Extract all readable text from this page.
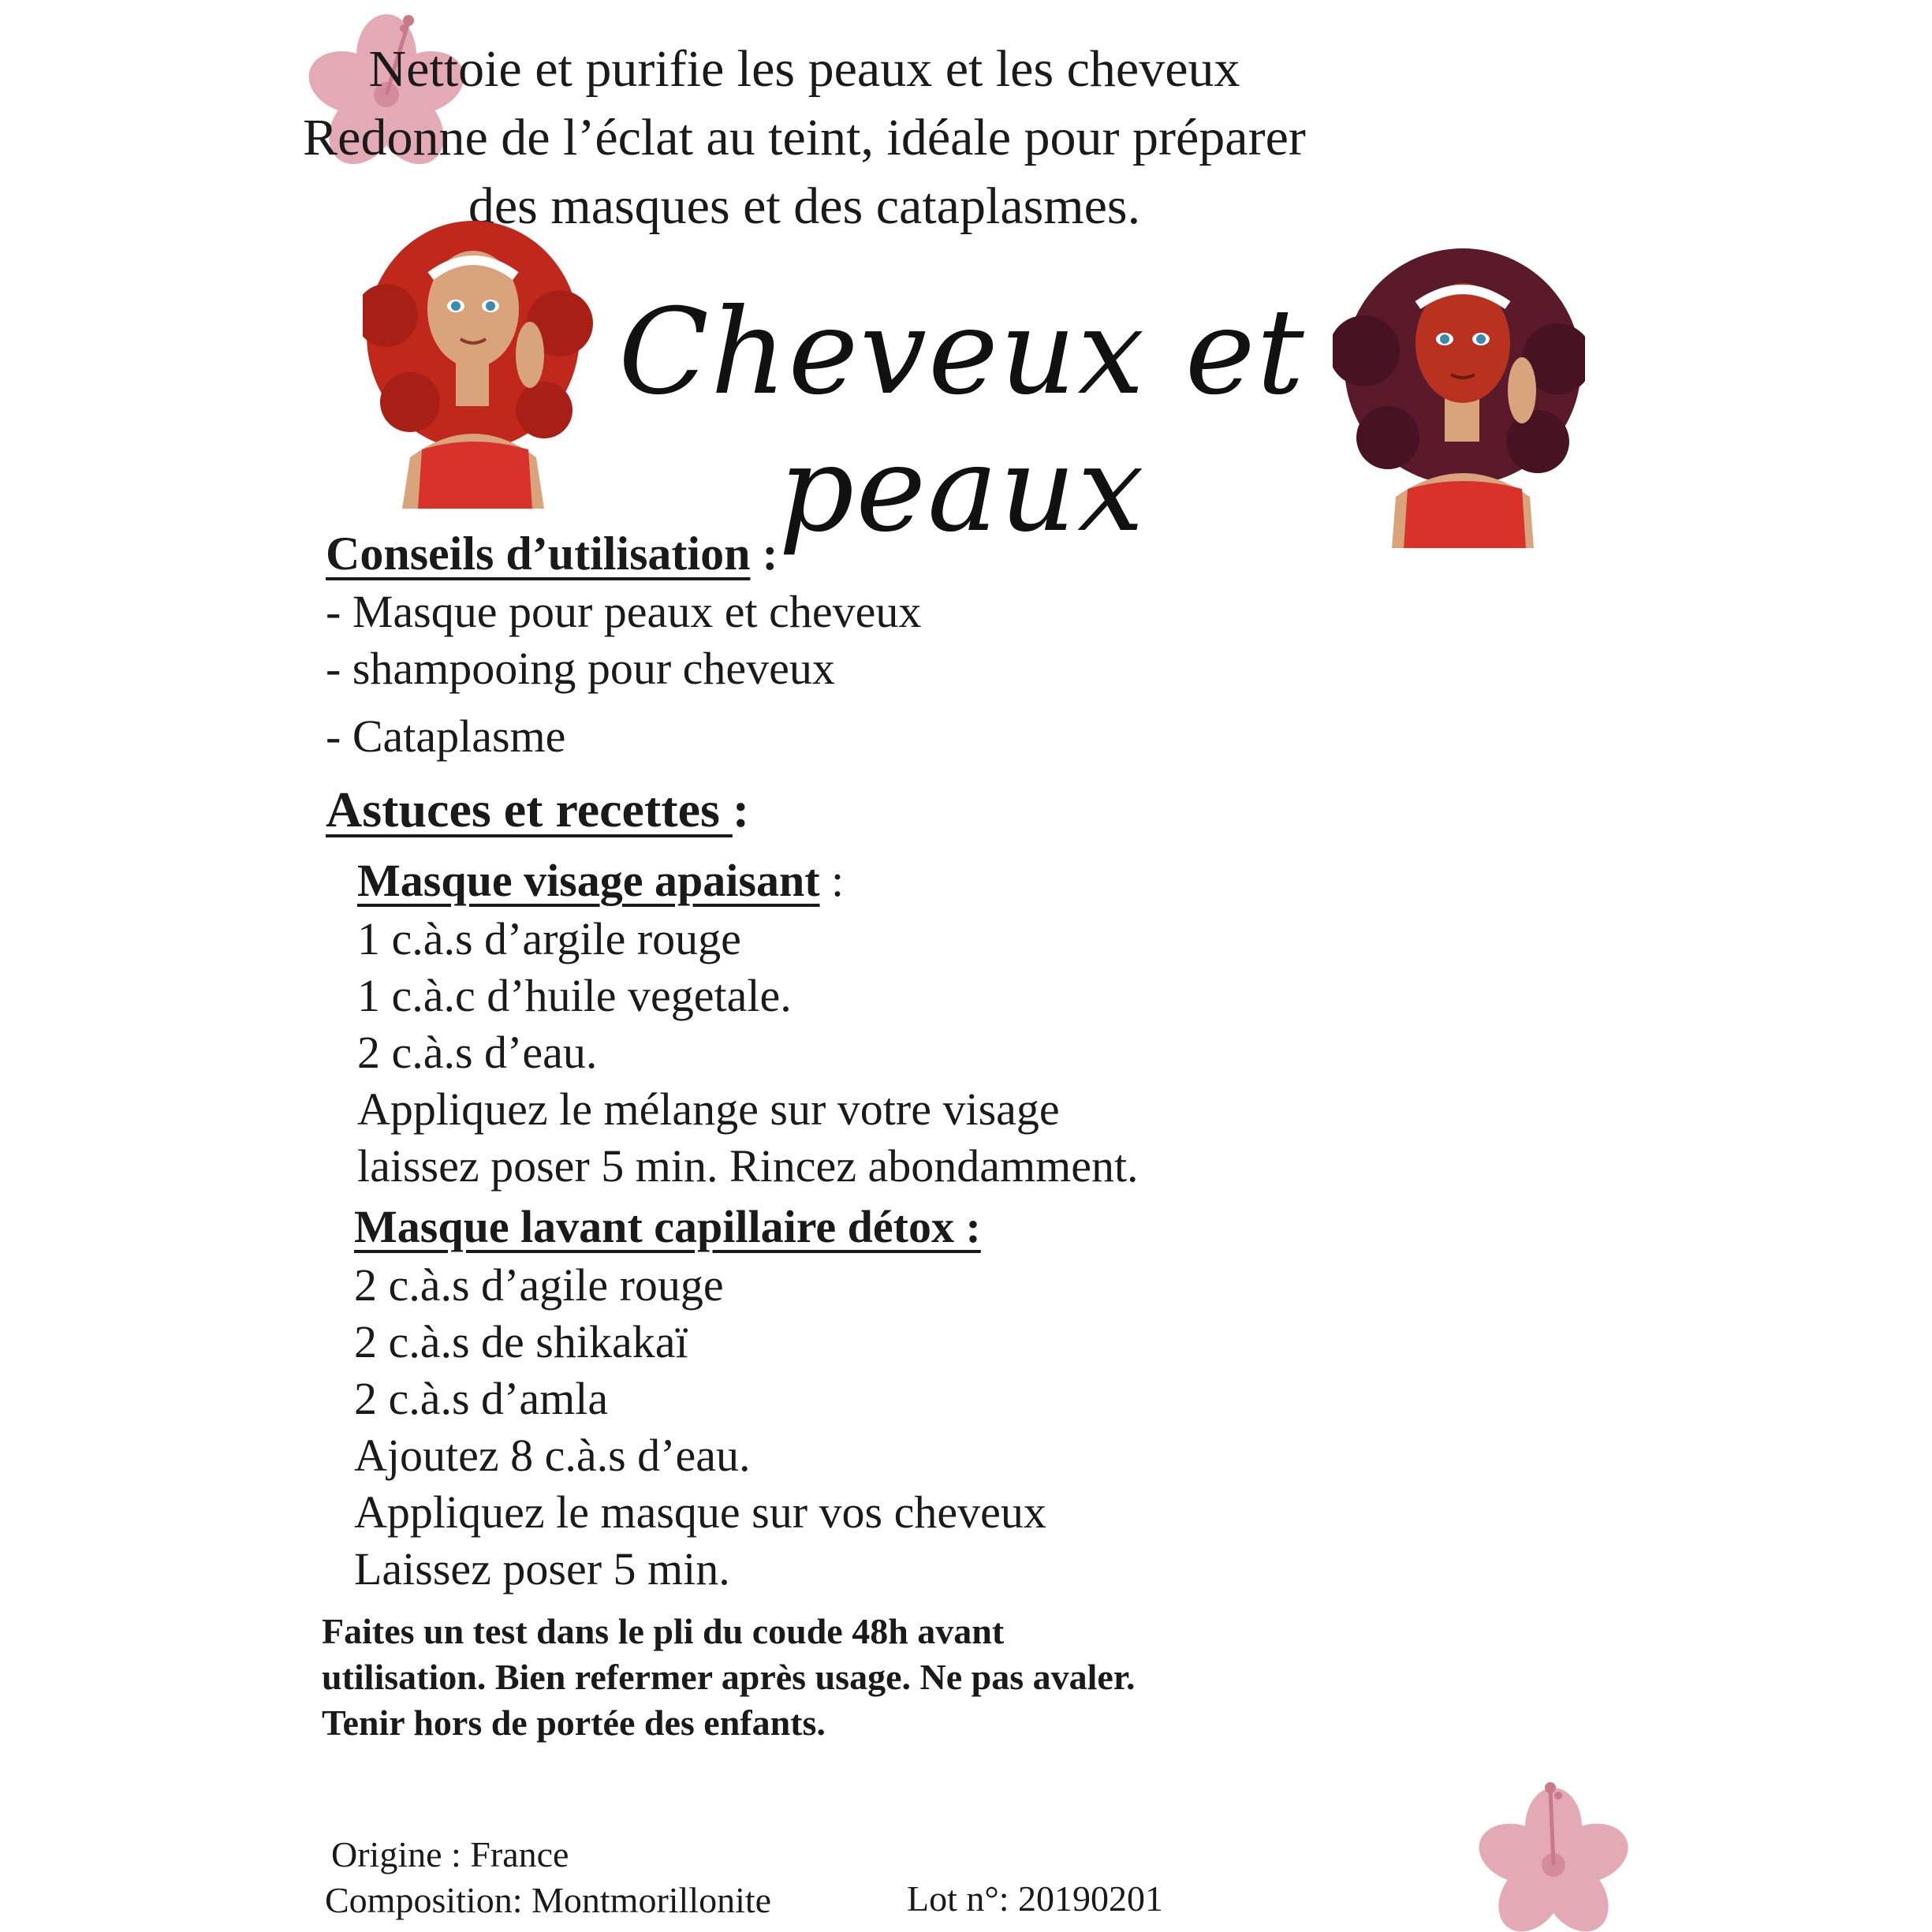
Nettoie et purifie les peaux et les cheveux
Redonne de l’éclat au teint, idéale pour préparer
des masques et des cataplasmes.
Cheveux et peaux
Conseils d’utilisation :
- Masque pour peaux et cheveux
- shampooing pour cheveux
- Cataplasme
Astuces et recettes :
Masque visage apaisant :
1 c.à.s d’argile rouge
1 c.à.c d’huile vegetale.
2 c.à.s d’eau.
Appliquez le mélange sur votre visage
laissez poser 5 min. Rincez abondamment.
Masque lavant capillaire détox :
2 c.à.s d’agile rouge
2 c.à.s de shikakaï
2 c.à.s d’amla
Ajoutez 8 c.à.s d’eau.
Appliquez le masque sur vos cheveux
Laissez poser 5 min.
Faites un test dans le pli du coude 48h avant
utilisation. Bien refermer après usage. Ne pas avaler.
Tenir hors de portée des enfants.
Origine : France
Composition: Montmorillonite	Lot n°: 20190201
